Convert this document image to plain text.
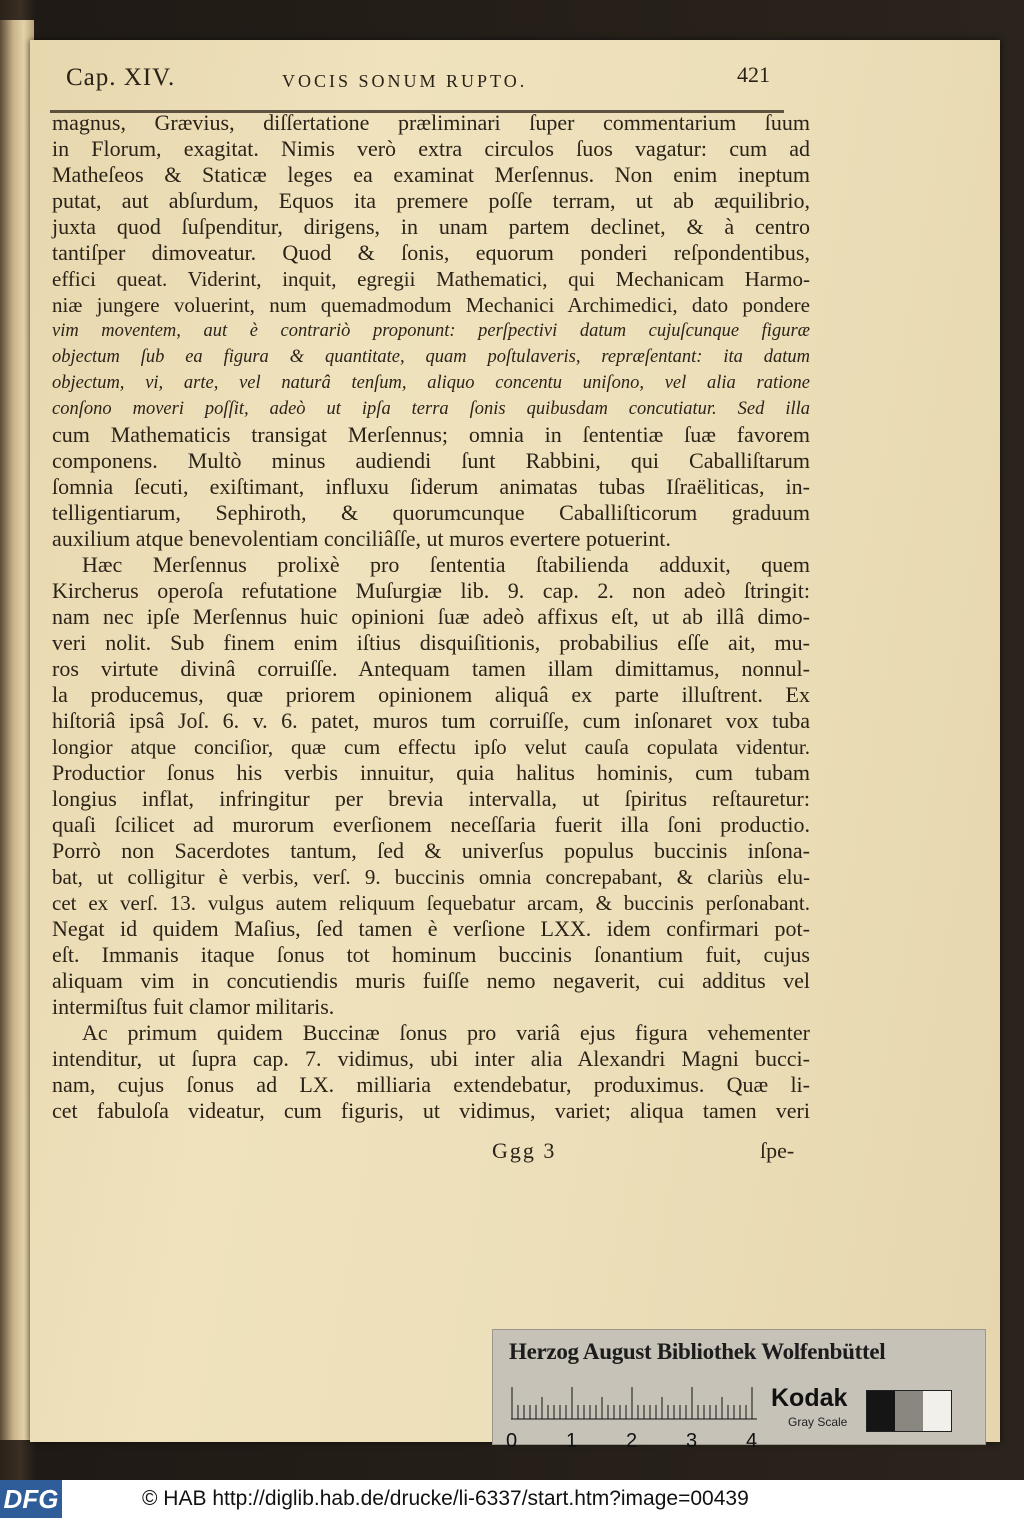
Cap. XIV.	VOCIS SONUM RUPTO.	421
magnus, Grævius, diſſertatione præliminari ſuper commentarium ſuum
in Florum, exagitat. Nimis verò extra circulos ſuos vagatur: cum ad
Matheſeos & Staticæ leges ea examinat Merſennus. Non enim ineptum
putat, aut abſurdum, Equos ita premere poſſe terram, ut ab æquilibrio,
juxta quod ſuſpenditur, dirigens, in unam partem declinet, & à centro
tantiſper dimoveatur. Quod & ſonis, equorum ponderi reſpondentibus,
effici queat. Viderint, inquit, egregii Mathematici, qui Mechanicam Harmo-
niæ jungere voluerint, num quemadmodum Mechanici Archimedici, dato pondere
vim moventem, aut è contrariò proponunt: perſpectivi datum cujuſcunque figuræ
objectum ſub ea figura & quantitate, quam poſtulaveris, repræſentant: ita datum
objectum, vi, arte, vel naturâ tenſum, aliquo concentu uniſono, vel alia ratione
conſono moveri poſſit, adeò ut ipſa terra ſonis quibusdam concutiatur. Sed illa
cum Mathematicis transigat Merſennus; omnia in ſententiæ ſuæ favorem
componens. Multò minus audiendi ſunt Rabbini, qui Caballiſtarum
ſomnia ſecuti, exiſtimant, influxu ſiderum animatas tubas Iſraëliticas, in-
telligentiarum, Sephiroth, & quorumcunque Caballiſticorum graduum
auxilium atque benevolentiam conciliâſſe, ut muros evertere potuerint.
Hæc Merſennus prolixè pro ſententia ſtabilienda adduxit, quem
Kircherus operoſa refutatione Muſurgiæ lib. 9. cap. 2. non adeò ſtringit:
nam nec ipſe Merſennus huic opinioni ſuæ adeò affixus eſt, ut ab illâ dimo-
veri nolit. Sub finem enim iſtius disquiſitionis, probabilius eſſe ait, mu-
ros virtute divinâ corruiſſe. Antequam tamen illam dimittamus, nonnul-
la producemus, quæ priorem opinionem aliquâ ex parte illuſtrent. Ex
hiſtoriâ ipsâ Joſ. 6. v. 6. patet, muros tum corruiſſe, cum inſonaret vox tuba
longior atque conciſior, quæ cum effectu ipſo velut cauſa copulata videntur.
Productior ſonus his verbis innuitur, quia halitus hominis, cum tubam
longius inflat, infringitur per brevia intervalla, ut ſpiritus reſtauretur:
quaſi ſcilicet ad murorum everſionem neceſſaria fuerit illa ſoni productio.
Porrò non Sacerdotes tantum, ſed & univerſus populus buccinis inſona-
bat, ut colligitur è verbis, verſ. 9. buccinis omnia concrepabant, & clariùs elu-
cet ex verſ. 13. vulgus autem reliquum ſequebatur arcam, & buccinis perſonabant.
Negat id quidem Maſius, ſed tamen è verſione LXX. idem confirmari pot-
eſt. Immanis itaque ſonus tot hominum buccinis ſonantium fuit, cujus
aliquam vim in concutiendis muris fuiſſe nemo negaverit, cui additus vel
intermiſtus fuit clamor militaris.
Ac primum quidem Buccinæ ſonus pro variâ ejus figura vehementer
intenditur, ut ſupra cap. 7. vidimus, ubi inter alia Alexandri Magni bucci-
nam, cujus ſonus ad LX. milliaria extendebatur, produximus. Quæ li-
cet fabuloſa videatur, cum figuris, ut vidimus, variet; aliqua tamen veri
Ggg 3	ſpe-
Herzog August Bibliothek Wolfenbüttel
Kodak
Gray Scale
0 1 2 3 4
DFG	© HAB http://diglib.hab.de/drucke/li-6337/start.htm?image=00439
